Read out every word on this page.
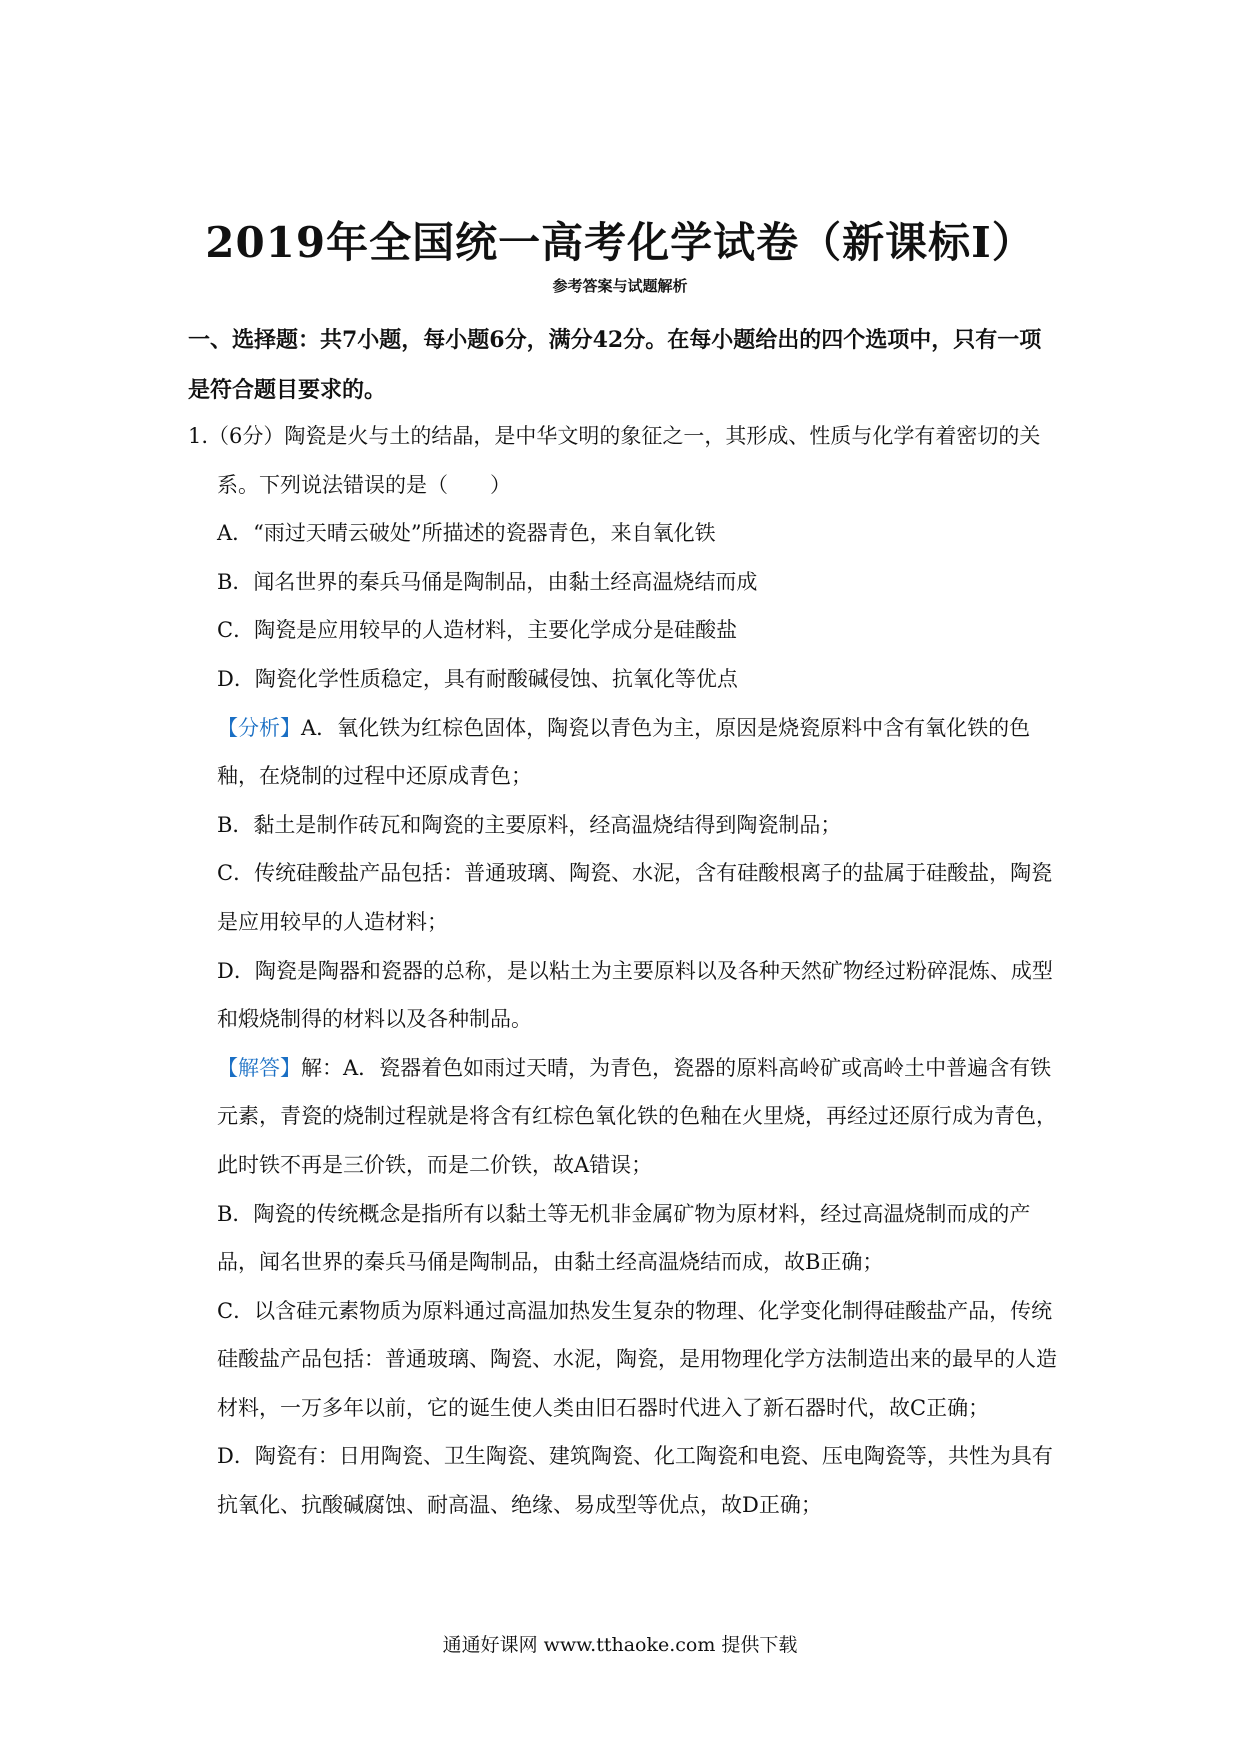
2019年全国统一高考化学试卷（新课标Ⅰ）
参考答案与试题解析
一、选择题：共7小题，每小题6分，满分42分。在每小题给出的四个选项中，只有一项是符合题目要求的。

1.（6分）陶瓷是火与土的结晶，是中华文明的象征之一，其形成、性质与化学有着密切的关系。下列说法错误的是（　　）

A．“雨过天晴云破处”所描述的瓷器青色，来自氧化铁

B．闻名世界的秦兵马俑是陶制品，由黏土经高温烧结而成

C．陶瓷是应用较早的人造材料，主要化学成分是硅酸盐

D．陶瓷化学性质稳定，具有耐酸碱侵蚀、抗氧化等优点

【分析】A．氧化铁为红棕色固体，陶瓷以青色为主，原因是烧瓷原料中含有氧化铁的色釉，在烧制的过程中还原成青色；

B．黏土是制作砖瓦和陶瓷的主要原料，经高温烧结得到陶瓷制品；

C．传统硅酸盐产品包括：普通玻璃、陶瓷、水泥，含有硅酸根离子的盐属于硅酸盐，陶瓷是应用较早的人造材料；

D．陶瓷是陶器和瓷器的总称，是以粘土为主要原料以及各种天然矿物经过粉碎混炼、成型和煅烧制得的材料以及各种制品。

【解答】解：A．瓷器着色如雨过天晴，为青色，瓷器的原料高岭矿或高岭土中普遍含有铁元素，青瓷的烧制过程就是将含有红棕色氧化铁的色釉在火里烧，再经过还原行成为青色，此时铁不再是三价铁，而是二价铁，故A错误；

B．陶瓷的传统概念是指所有以黏土等无机非金属矿物为原材料，经过高温烧制而成的产品，闻名世界的秦兵马俑是陶制品，由黏土经高温烧结而成，故B正确；

C．以含硅元素物质为原料通过高温加热发生复杂的物理、化学变化制得硅酸盐产品，传统硅酸盐产品包括：普通玻璃、陶瓷、水泥，陶瓷，是用物理化学方法制造出来的最早的人造材料，一万多年以前，它的诞生使人类由旧石器时代进入了新石器时代，故C正确；

D．陶瓷有：日用陶瓷、卫生陶瓷、建筑陶瓷、化工陶瓷和电瓷、压电陶瓷等，共性为具有抗氧化、抗酸碱腐蚀、耐高温、绝缘、易成型等优点，故D正确；

通通好课网 www.tthaoke.com 提供下载
